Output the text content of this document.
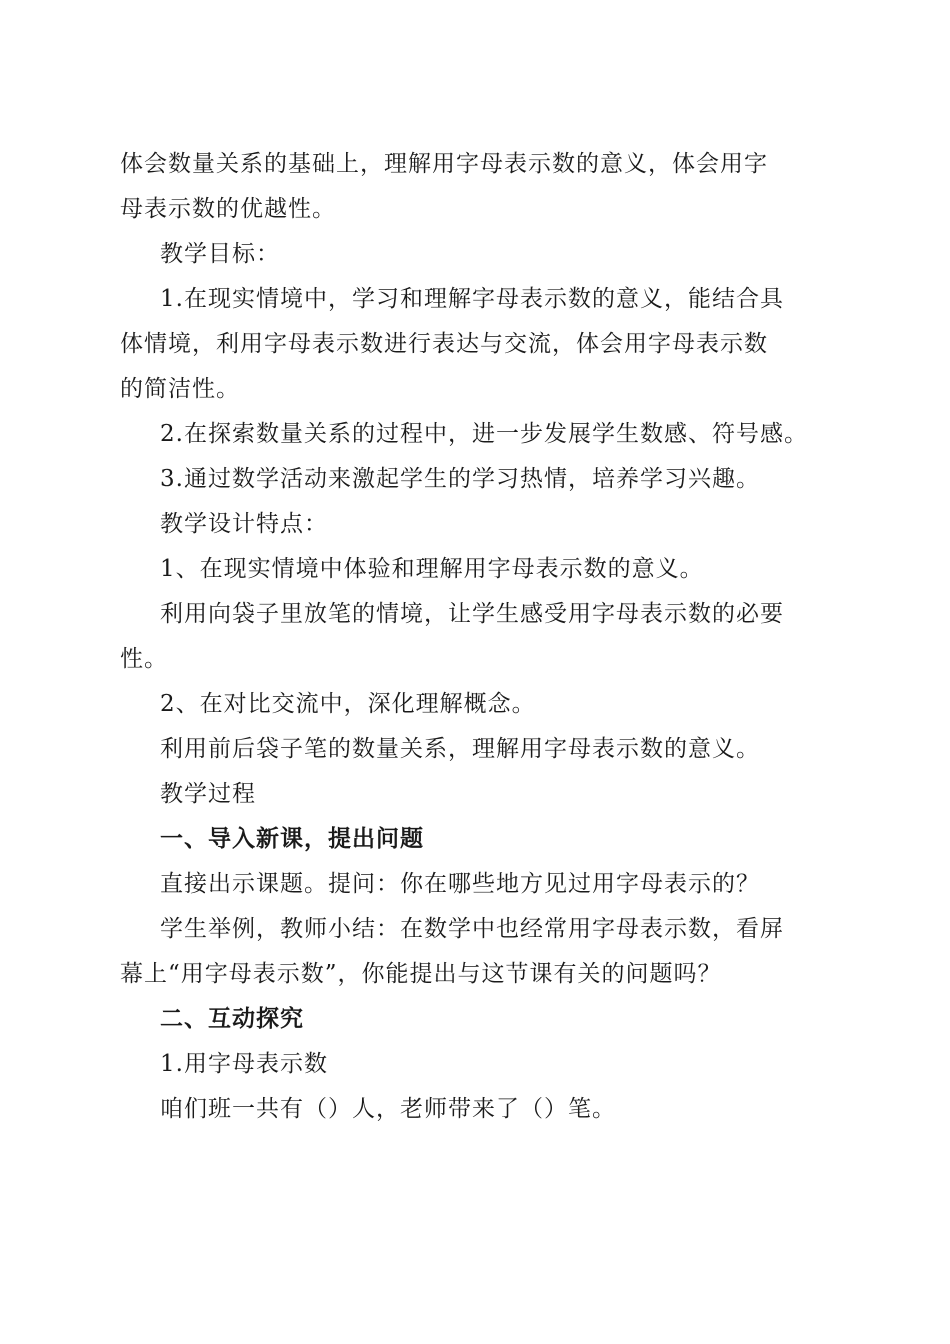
体会数量关系的基础上，理解用字母表示数的意义，体会用字
母表示数的优越性。
教学目标：
1.在现实情境中，学习和理解字母表示数的意义，能结合具
体情境，利用字母表示数进行表达与交流，体会用字母表示数
的简洁性。
2.在探索数量关系的过程中，进一步发展学生数感、符号感。
3.通过数学活动来激起学生的学习热情，培养学习兴趣。
教学设计特点：
1、在现实情境中体验和理解用字母表示数的意义。
利用向袋子里放笔的情境，让学生感受用字母表示数的必要
性。
2、在对比交流中，深化理解概念。
利用前后袋子笔的数量关系，理解用字母表示数的意义。
教学过程
一、导入新课，提出问题
直接出示课题。提问：你在哪些地方见过用字母表示的？
学生举例，教师小结：在数学中也经常用字母表示数，看屏
幕上“用字母表示数”，你能提出与这节课有关的问题吗？
二、互动探究
1.用字母表示数
咱们班一共有（）人，老师带来了（）笔。
